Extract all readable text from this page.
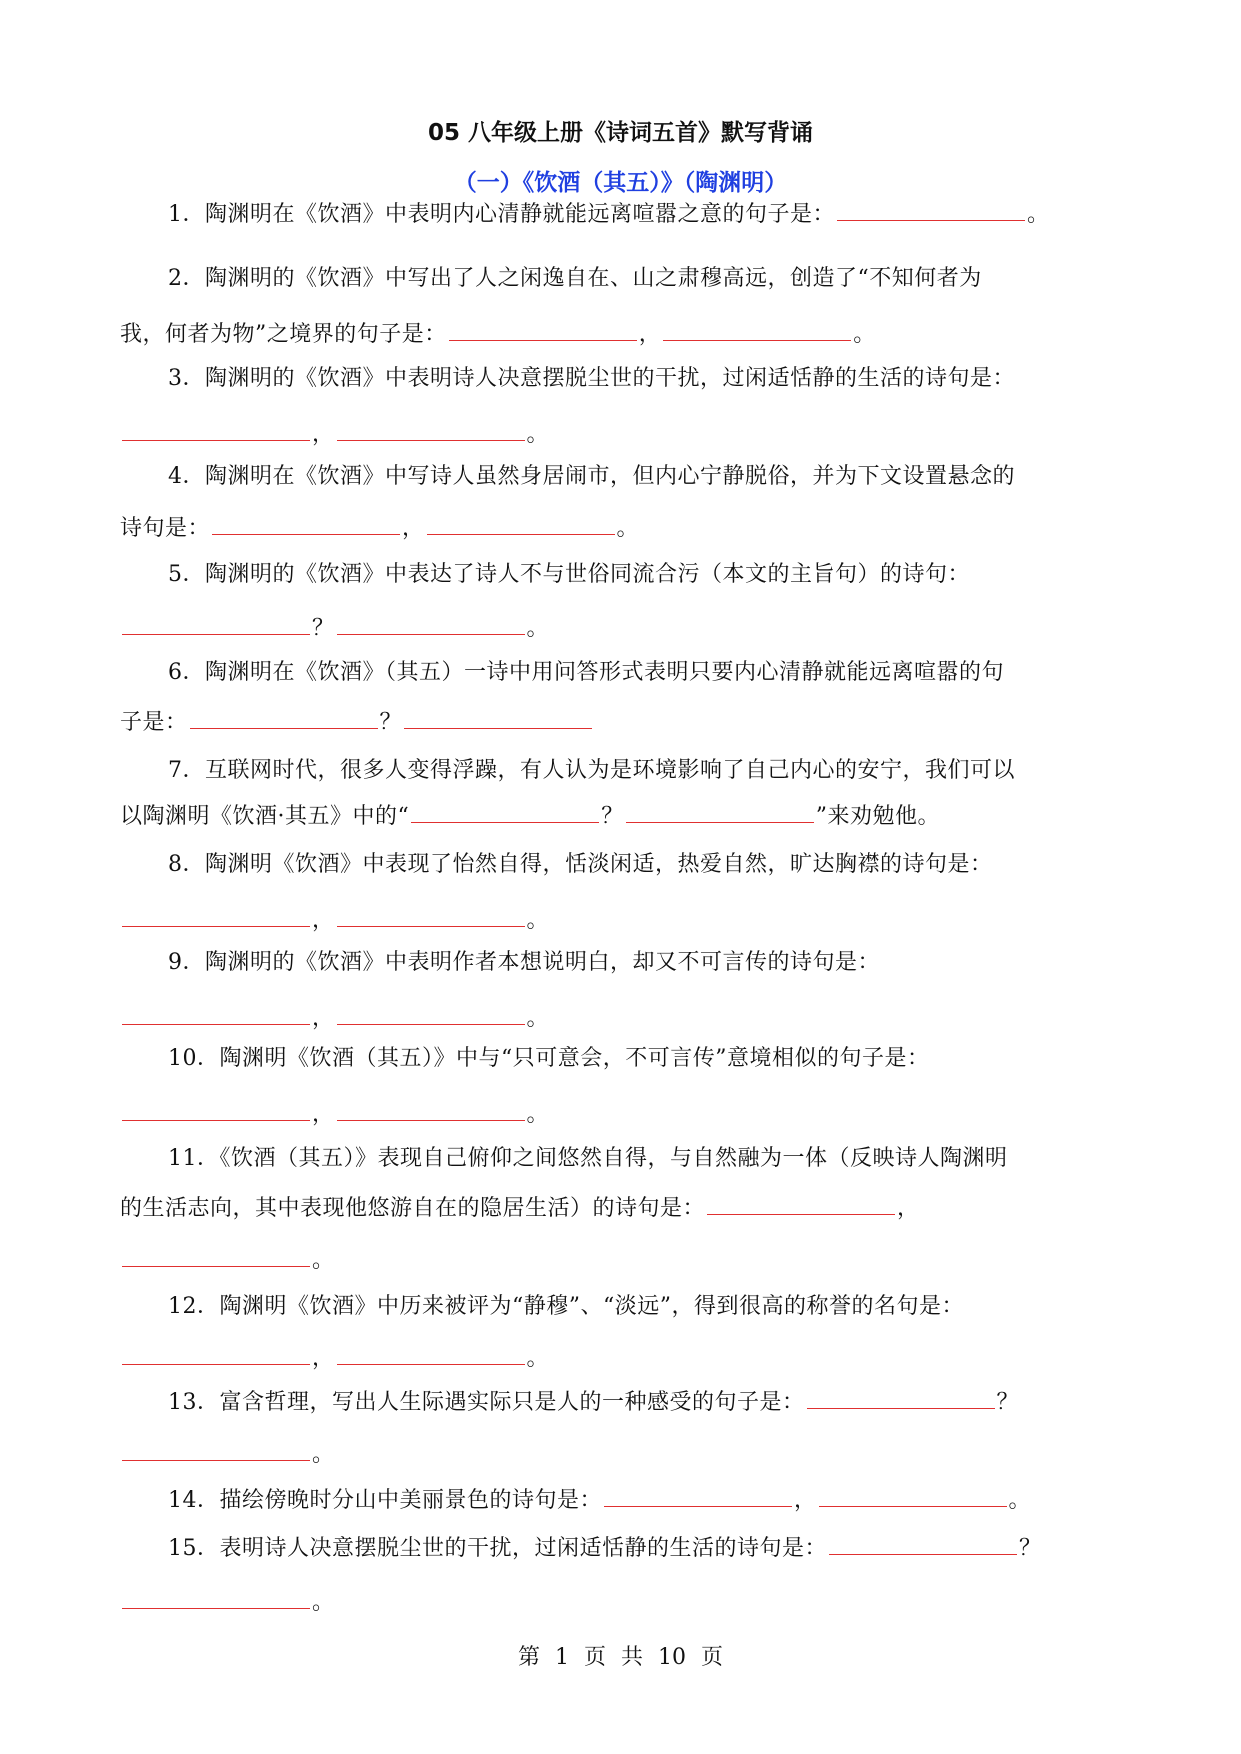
05 八年级上册《诗词五首》默写背诵
（一）《饮酒（其五）》（陶渊明）
1．陶渊明在《饮酒》中表明内心清静就能远离喧嚣之意的句子是：	。
2．陶渊明的《饮酒》中写出了人之闲逸自在、山之肃穆高远，创造了“不知何者为
我，何者为物”之境界的句子是：	，	。
3．陶渊明的《饮酒》中表明诗人决意摆脱尘世的干扰，过闲适恬静的生活的诗句是：
，	。
4．陶渊明在《饮酒》中写诗人虽然身居闹市，但内心宁静脱俗，并为下文设置悬念的
诗句是：	，	。
5．陶渊明的《饮酒》中表达了诗人不与世俗同流合污（本文的主旨句）的诗句：
？	。
6．陶渊明在《饮酒》（其五）一诗中用问答形式表明只要内心清静就能远离喧嚣的句
子是：	？
7．互联网时代，很多人变得浮躁，有人认为是环境影响了自己内心的安宁，我们可以
以陶渊明《饮酒·其五》中的“	？	”来劝勉他。
8．陶渊明《饮酒》中表现了怡然自得，恬淡闲适，热爱自然，旷达胸襟的诗句是：
，	。
9．陶渊明的《饮酒》中表明作者本想说明白，却又不可言传的诗句是：
，	。
10．陶渊明《饮酒（其五）》中与“只可意会，不可言传”意境相似的句子是：
，	。
11．《饮酒（其五）》表现自己俯仰之间悠然自得，与自然融为一体（反映诗人陶渊明
的生活志向，其中表现他悠游自在的隐居生活）的诗句是：	，
。
12．陶渊明《饮酒》中历来被评为“静穆”、“淡远”，得到很高的称誉的名句是：
，	。
13．富含哲理，写出人生际遇实际只是人的一种感受的句子是：	？
。
14．描绘傍晚时分山中美丽景色的诗句是：	，	。
15．表明诗人决意摆脱尘世的干扰，过闲适恬静的生活的诗句是：	？
。
第 1 页 共 10 页
